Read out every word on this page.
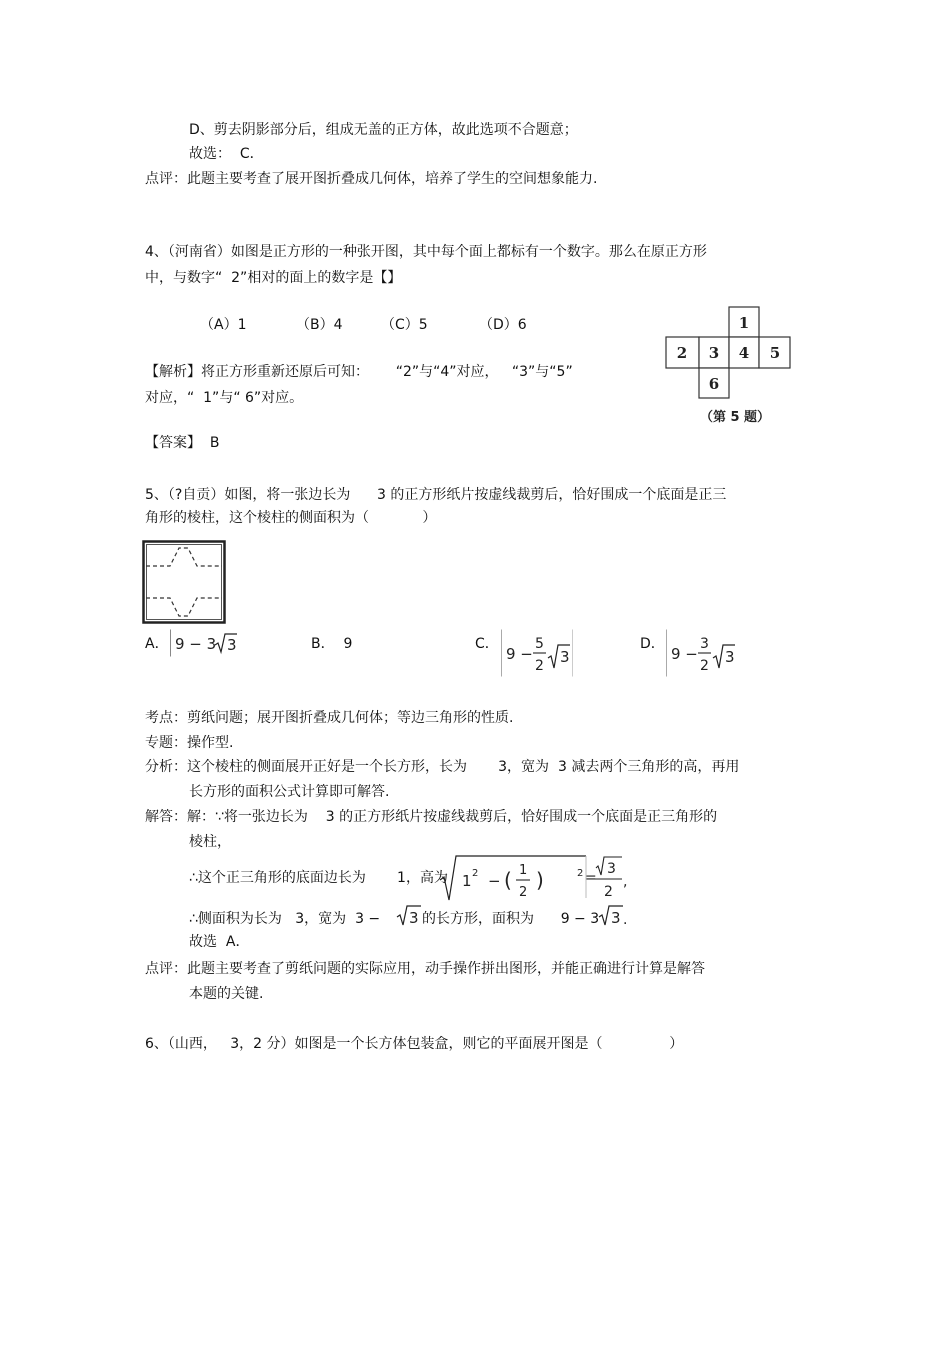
D、剪去阴影部分后，组成无盖的正方体，故此选项不合题意；
故选：  C．
点评：此题主要考查了展开图折叠成几何体，培养了学生的空间想象能力.
4、（河南省）如图是正方形的一种张开图，其中每个面上都标有一个数字。那么在原正方形
中，与数字“  2”相对的面上的数字是【】
（A）1	（B）4	（C）5	（D）6
【解析】将正方形重新还原后可知：      “2”与“4”对应，   “3”与“5”
对应，“  1”与“ 6”对应。
【答案】  B
1
2 3 4 5
6
（第 5 题）
5、（?自贡）如图，将一张边长为      3 的正方形纸片按虚线裁剪后，恰好围成一个底面是正三
角形的棱柱，这个棱柱的侧面积为（            ）
A． 9 − 3 3	B．  9	C．
9 −
5
2 3
D．
9 −
3
2 3
考点：剪纸问题；展开图折叠成几何体；等边三角形的性质.
专题：操作型.
分析：这个棱柱的侧面展开正好是一个长方形，长为       3，宽为  3 减去两个三角形的高，再用
长方形的面积公式计算即可解答.
解答：解：∵将一张边长为    3 的正方形纸片按虚线裁剪后，恰好围成一个底面是正三角形的
棱柱，
∴这个正三角形的底面边长为       1，高为 1 2 − ( 1
2
)	2 =
3
2
,
∴侧面积为长为   3，宽为  3 − 3 的长方形，面积为      9 − 3 3 .
故选  A．
点评：此题主要考查了剪纸问题的实际应用，动手操作拼出图形，并能正确进行计算是解答
本题的关键.
6、（山西，   3，2 分）如图是一个长方体包装盒，则它的平面展开图是（               ）
